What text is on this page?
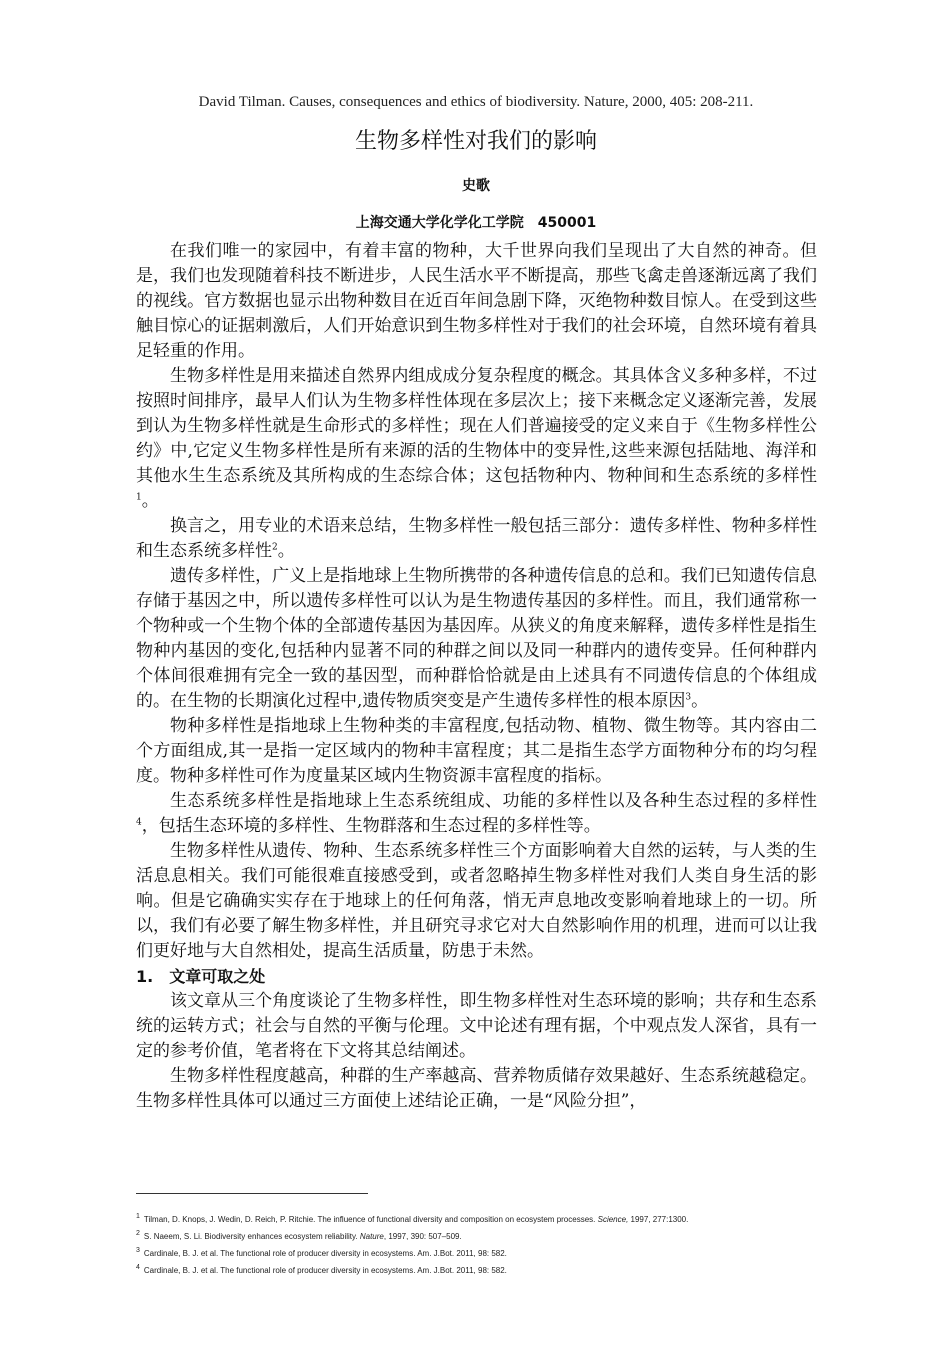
David Tilman. Causes, consequences and ethics of biodiversity. Nature, 2000, 405: 208-211.
生物多样性对我们的影响
史歌
上海交通大学化学化工学院　450001

在我们唯一的家园中，有着丰富的物种，大千世界向我们呈现出了大自然的神奇。但是，我们也发现随着科技不断进步，人民生活水平不断提高，那些飞禽走兽逐渐远离了我们的视线。官方数据也显示出物种数目在近百年间急剧下降，灭绝物种数目惊人。在受到这些触目惊心的证据刺激后，人们开始意识到生物多样性对于我们的社会环境，自然环境有着具足轻重的作用。

生物多样性是用来描述自然界内组成成分复杂程度的概念。其具体含义多种多样，不过按照时间排序，最早人们认为生物多样性体现在多层次上；接下来概念定义逐渐完善，发展到认为生物多样性就是生命形式的多样性；现在人们普遍接受的定义来自于《生物多样性公约》中,它定义生物多样性是所有来源的活的生物体中的变异性,这些来源包括陆地、海洋和其他水生生态系统及其所构成的生态综合体；这包括物种内、物种间和生态系统的多样性$^1$。

换言之，用专业的术语来总结，生物多样性一般包括三部分：遗传多样性、物种多样性和生态系统多样性$^2$。

遗传多样性，广义上是指地球上生物所携带的各种遗传信息的总和。我们已知遗传信息存储于基因之中，所以遗传多样性可以认为是生物遗传基因的多样性。而且，我们通常称一个物种或一个生物个体的全部遗传基因为基因库。从狭义的角度来解释，遗传多样性是指生物种内基因的变化,包括种内显著不同的种群之间以及同一种群内的遗传变异。任何种群内个体间很难拥有完全一致的基因型，而种群恰恰就是由上述具有不同遗传信息的个体组成的。在生物的长期演化过程中,遗传物质突变是产生遗传多样性的根本原因$^3$。

物种多样性是指地球上生物种类的丰富程度,包括动物、植物、微生物等。其内容由二个方面组成,其一是指一定区域内的物种丰富程度；其二是指生态学方面物种分布的均匀程度。物种多样性可作为度量某区域内生物资源丰富程度的指标。

生态系统多样性是指地球上生态系统组成、功能的多样性以及各种生态过程的多样性$^4$，包括生态环境的多样性、生物群落和生态过程的多样性等。

生物多样性从遗传、物种、生态系统多样性三个方面影响着大自然的运转，与人类的生活息息相关。我们可能很难直接感受到，或者忽略掉生物多样性对我们人类自身生活的影响。但是它确确实实存在于地球上的任何角落，悄无声息地改变影响着地球上的一切。所以，我们有必要了解生物多样性，并且研究寻求它对大自然影响作用的机理，进而可以让我们更好地与大自然相处，提高生活质量，防患于未然。

1.　文章可取之处

该文章从三个角度谈论了生物多样性，即生物多样性对生态环境的影响；共存和生态系统的运转方式；社会与自然的平衡与伦理。文中论述有理有据，个中观点发人深省，具有一定的参考价值，笔者将在下文将其总结阐述。

生物多样性程度越高，种群的生产率越高、营养物质储存效果越好、生态系统越稳定。生物多样性具体可以通过三方面使上述结论正确，一是“风险分担”，

1 Tilman, D. Knops, J. Wedin, D. Reich, P. Ritchie. The influence of functional diversity and composition on ecosystem processes. Science, 1997, 277:1300.
2 S. Naeem, S. Li. Biodiversity enhances ecosystem reliability. Nature, 1997, 390: 507–509.
3 Cardinale, B. J. et al. The functional role of producer diversity in ecosystems. Am. J.Bot. 2011, 98: 582.
4 Cardinale, B. J. et al. The functional role of producer diversity in ecosystems. Am. J.Bot. 2011, 98: 582.
